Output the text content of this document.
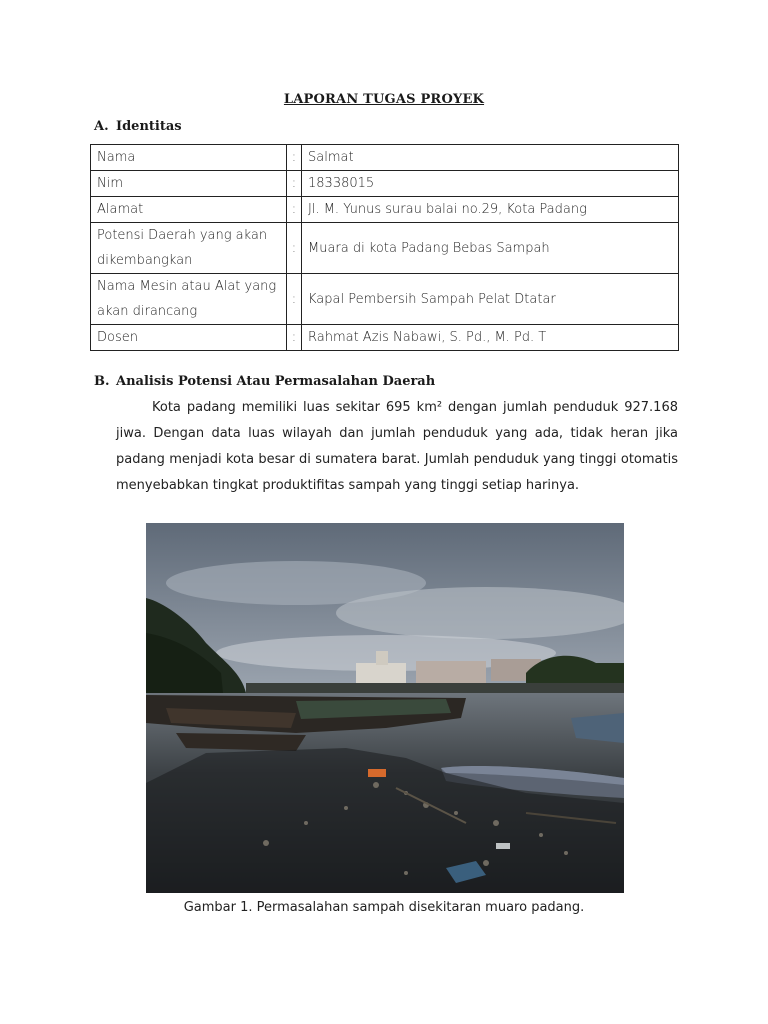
LAPORAN TUGAS PROYEK
A. Identitas
Nama	:	Salmat
Nim	:	18338015
Alamat	:	Jl. M. Yunus surau balai no.29, Kota Padang
Potensi Daerah yang akan dikembangkan	:	Muara di kota Padang Bebas Sampah
Nama Mesin atau Alat yang akan dirancang	:	Kapal Pembersih Sampah Pelat Dtatar
Dosen	:	Rahmat Azis Nabawi, S. Pd., M. Pd. T
B. Analisis Potensi Atau Permasalahan Daerah
Kota padang memiliki luas sekitar 695 km² dengan jumlah penduduk 927.168 jiwa. Dengan data luas wilayah dan jumlah penduduk yang ada, tidak heran jika padang menjadi kota besar di sumatera barat. Jumlah penduduk yang tinggi otomatis menyebabkan tingkat produktifitas sampah yang tinggi setiap harinya.
Gambar 1. Permasalahan sampah disekitaran muaro padang.
